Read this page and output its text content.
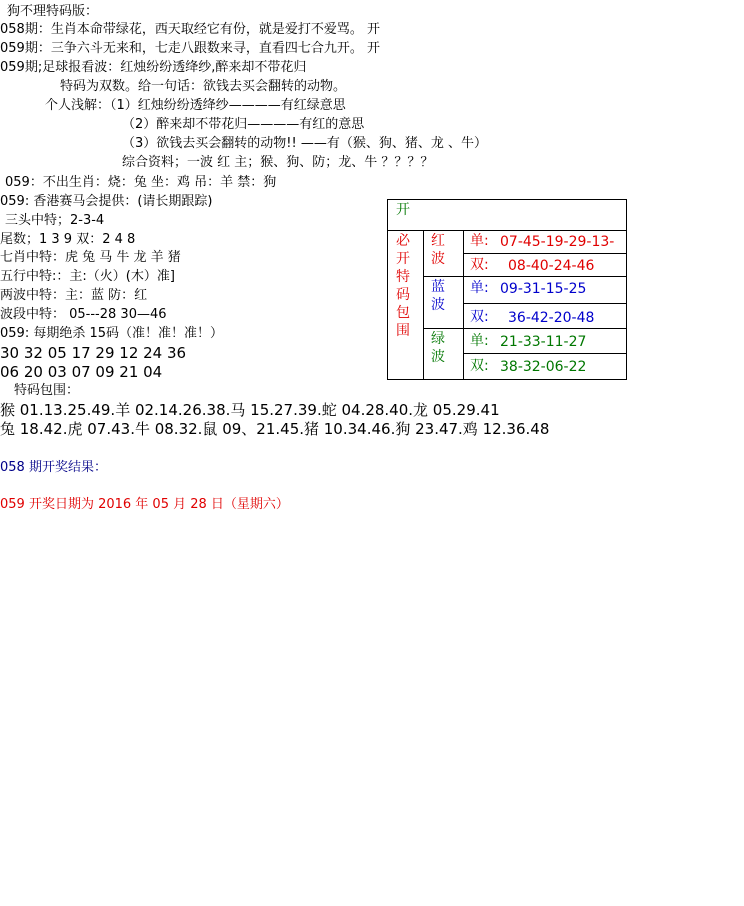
狗不理特码版：
058期：生肖本命带绿花，西天取经它有份，就是爱打不爱骂。 开
059期：三争六斗无来和，七走八跟数来寻，直看四七合九开。 开
059期;足球报看波：红烛纷纷透绛纱,醉来却不带花归
特码为双数。给一句话：欲钱去买会翻转的动物。
个人浅解：（1）红烛纷纷透绛纱————有红绿意思
（2）醉来却不带花归————有红的意思
（3）欲钱去买会翻转的动物!! ——有（猴、狗、猪、龙 、牛）
综合资料；一波 红 主；猴、狗、防；龙、牛 ？？？？
059：不出生肖：烧：兔 坐：鸡 吊：羊 禁：狗
059: 香港赛马会提供：(请长期跟踪)
三头中特；2-3-4
尾数；1 3 9 双：2 4 8
七肖中特：虎 兔 马 牛 龙 羊 猪
五行中特:：主:（火）(木）准]
两波中特：主：蓝 防：红
波段中特： 05---28 30—46
059: 每期绝杀 15码（准！准！准！）
30 32 05 17 29 12 24 36
06 20 03 07 09 21 04
特码包围：
猴 01.13.25.49.羊 02.14.26.38.马 15.27.39.蛇 04.28.40.龙 05.29.41
兔 18.42.虎 07.43.牛 08.32.鼠 09、21.45.猪 10.34.46.狗 23.47.鸡 12.36.48
058 期开奖结果：
059 开奖日期为 2016 年 05 月 28 日（星期六）
开
必开特码包围
红波
蓝波
绿波
单: 07-45-19-29-13-
双: 08-40-24-46
单: 09-31-15-25
双: 36-42-20-48
单: 21-33-11-27
双: 38-32-06-22
